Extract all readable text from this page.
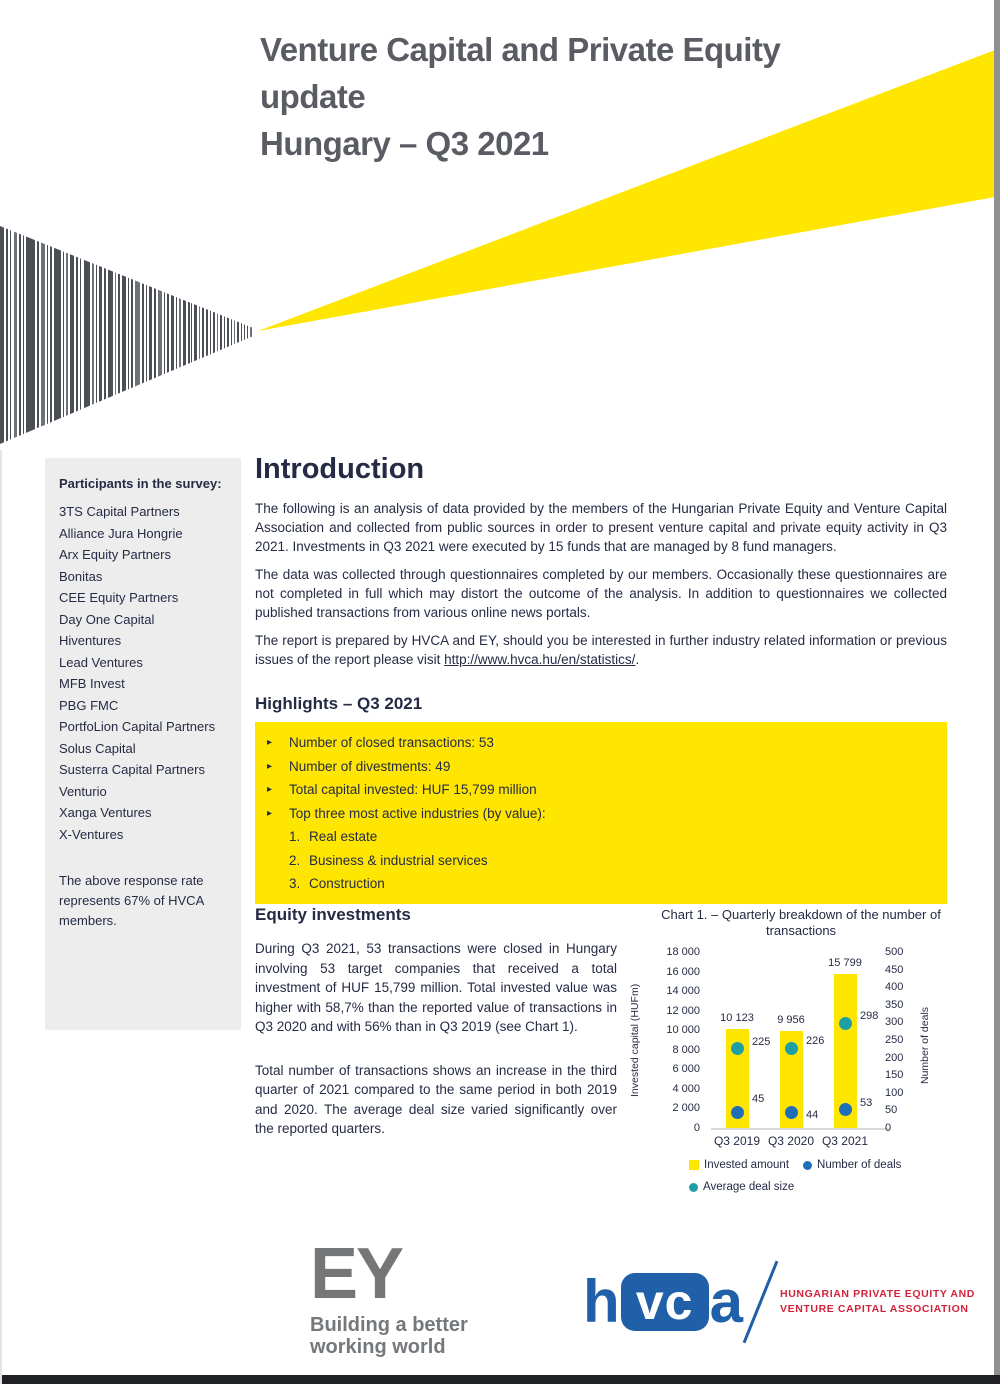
Venture Capital and Private Equity
update
Hungary – Q3 2021
Participants in the survey:
3TS Capital Partners
Alliance Jura Hongrie
Arx Equity Partners
Bonitas
CEE Equity Partners
Day One Capital
Hiventures
Lead Ventures
MFB Invest
PBG FMC
PortfoLion Capital Partners
Solus Capital
Susterra Capital Partners
Venturio
Xanga Ventures
X-Ventures
The above response rate represents 67% of HVCA members.
Introduction

The following is an analysis of data provided by the members of the Hungarian Private Equity and Venture Capital Association and collected from public sources in order to present venture capital and private equity activity in Q3 2021. Investments in Q3 2021 were executed by 15 funds that are managed by 8 fund managers.

The data was collected through questionnaires completed by our members. Occasionally these questionnaires are not completed in full which may distort the outcome of the analysis. In addition to questionnaires we collected published transactions from various online news portals.

The report is prepared by HVCA and EY, should you be interested in further industry related information or previous issues of the report please visit http://www.hvca.hu/en/statistics/.

Highlights – Q3 2021
▸	Number of closed transactions: 53
▸	Number of divestments: 49
▸	Total capital invested: HUF 15,799 million
▸	Top three most active industries (by value):
1. Real estate
2. Business & industrial services
3. Construction
Equity investments

During Q3 2021, 53 transactions were closed in Hungary involving 53 target companies that received a total investment of HUF 15,799 million. Total invested value was higher with 58,7% than the reported value of transactions in Q3 2020 and with 56% than in Q3 2019 (see Chart 1).

Total number of transactions shows an increase in the third quarter of 2021 compared to the same period in both 2019 and 2020. The average deal size varied significantly over the reported quarters.

Chart 1. – Quarterly breakdown of the number of transactions
0
2 000
4 000
6 000
8 000
10 000
12 000
14 000
16 000
18 000
0
50
100
150
200
250
300
350
400
450
500
10 123	9 956
15 799
45
44
53
225	226
298
Q3 2019 Q3 2020 Q3 2021
Invested capital (HUFm)	Number of deals
Invested amount Number of deals
Average deal size
EY
Building a better
working world
h vc a	HUNGARIAN PRIVATE EQUITY AND
VENTURE CAPITAL ASSOCIATION
